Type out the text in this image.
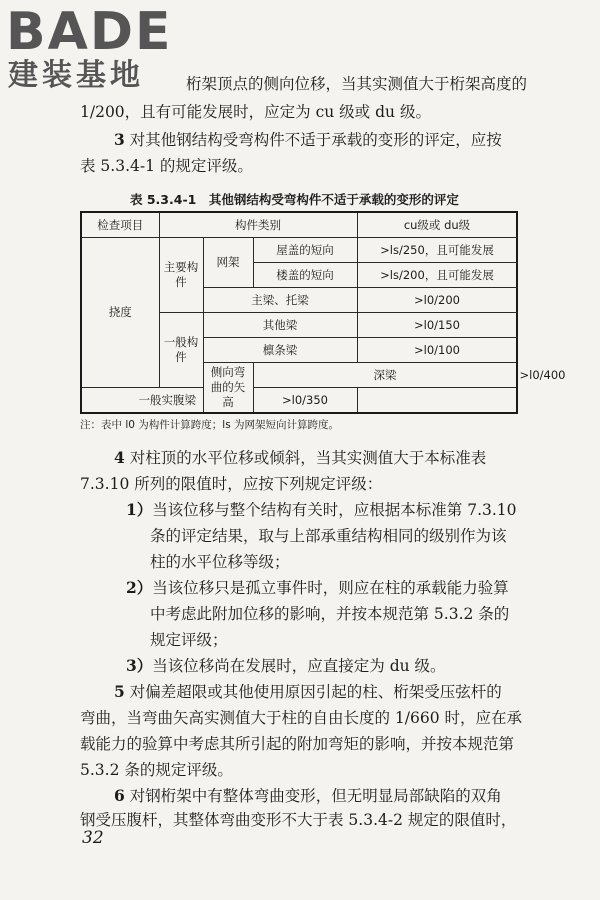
BADE
建装基地	桁架顶点的侧向位移，当其实测值大于桁架高度的
1/200，且有可能发展时，应定为 cu 级或 du 级。
3 对其他钢结构受弯构件不适于承载的变形的评定，应按
表 5.3.4-1 的规定评级。
表 5.3.4-1　其他钢结构受弯构件不适于承载的变形的评定
检查项目	构件类别			cu级或 du级	
挠度	主要构件	网架	屋盖的短向	>ls/250，且可能发展	
			楼盖的短向	>ls/200，且可能发展	
		主梁、托梁		>l0/200	
	一般构件	其他梁		>l0/150	
		檩条梁		>l0/100	
		侧向弯曲的矢高	深梁		>l0/400
一般实腹梁			>l0/350		
注：表中 l0 为构件计算跨度；ls 为网架短向计算跨度。
4 对柱顶的水平位移或倾斜，当其实测值大于本标准表
7.3.10 所列的限值时，应按下列规定评级：
1）当该位移与整个结构有关时，应根据本标准第 7.3.10
条的评定结果，取与上部承重结构相同的级别作为该
柱的水平位移等级；
2）当该位移只是孤立事件时，则应在柱的承载能力验算
中考虑此附加位移的影响，并按本规范第 5.3.2 条的
规定评级；
3）当该位移尚在发展时，应直接定为 du 级。
5 对偏差超限或其他使用原因引起的柱、桁架受压弦杆的
弯曲，当弯曲矢高实测值大于柱的自由长度的 1/660 时，应在承
载能力的验算中考虑其所引起的附加弯矩的影响，并按本规范第
5.3.2 条的规定评级。
6 对钢桁架中有整体弯曲变形，但无明显局部缺陷的双角
钢受压腹杆，其整体弯曲变形不大于表 5.3.4-2 规定的限值时，
32
